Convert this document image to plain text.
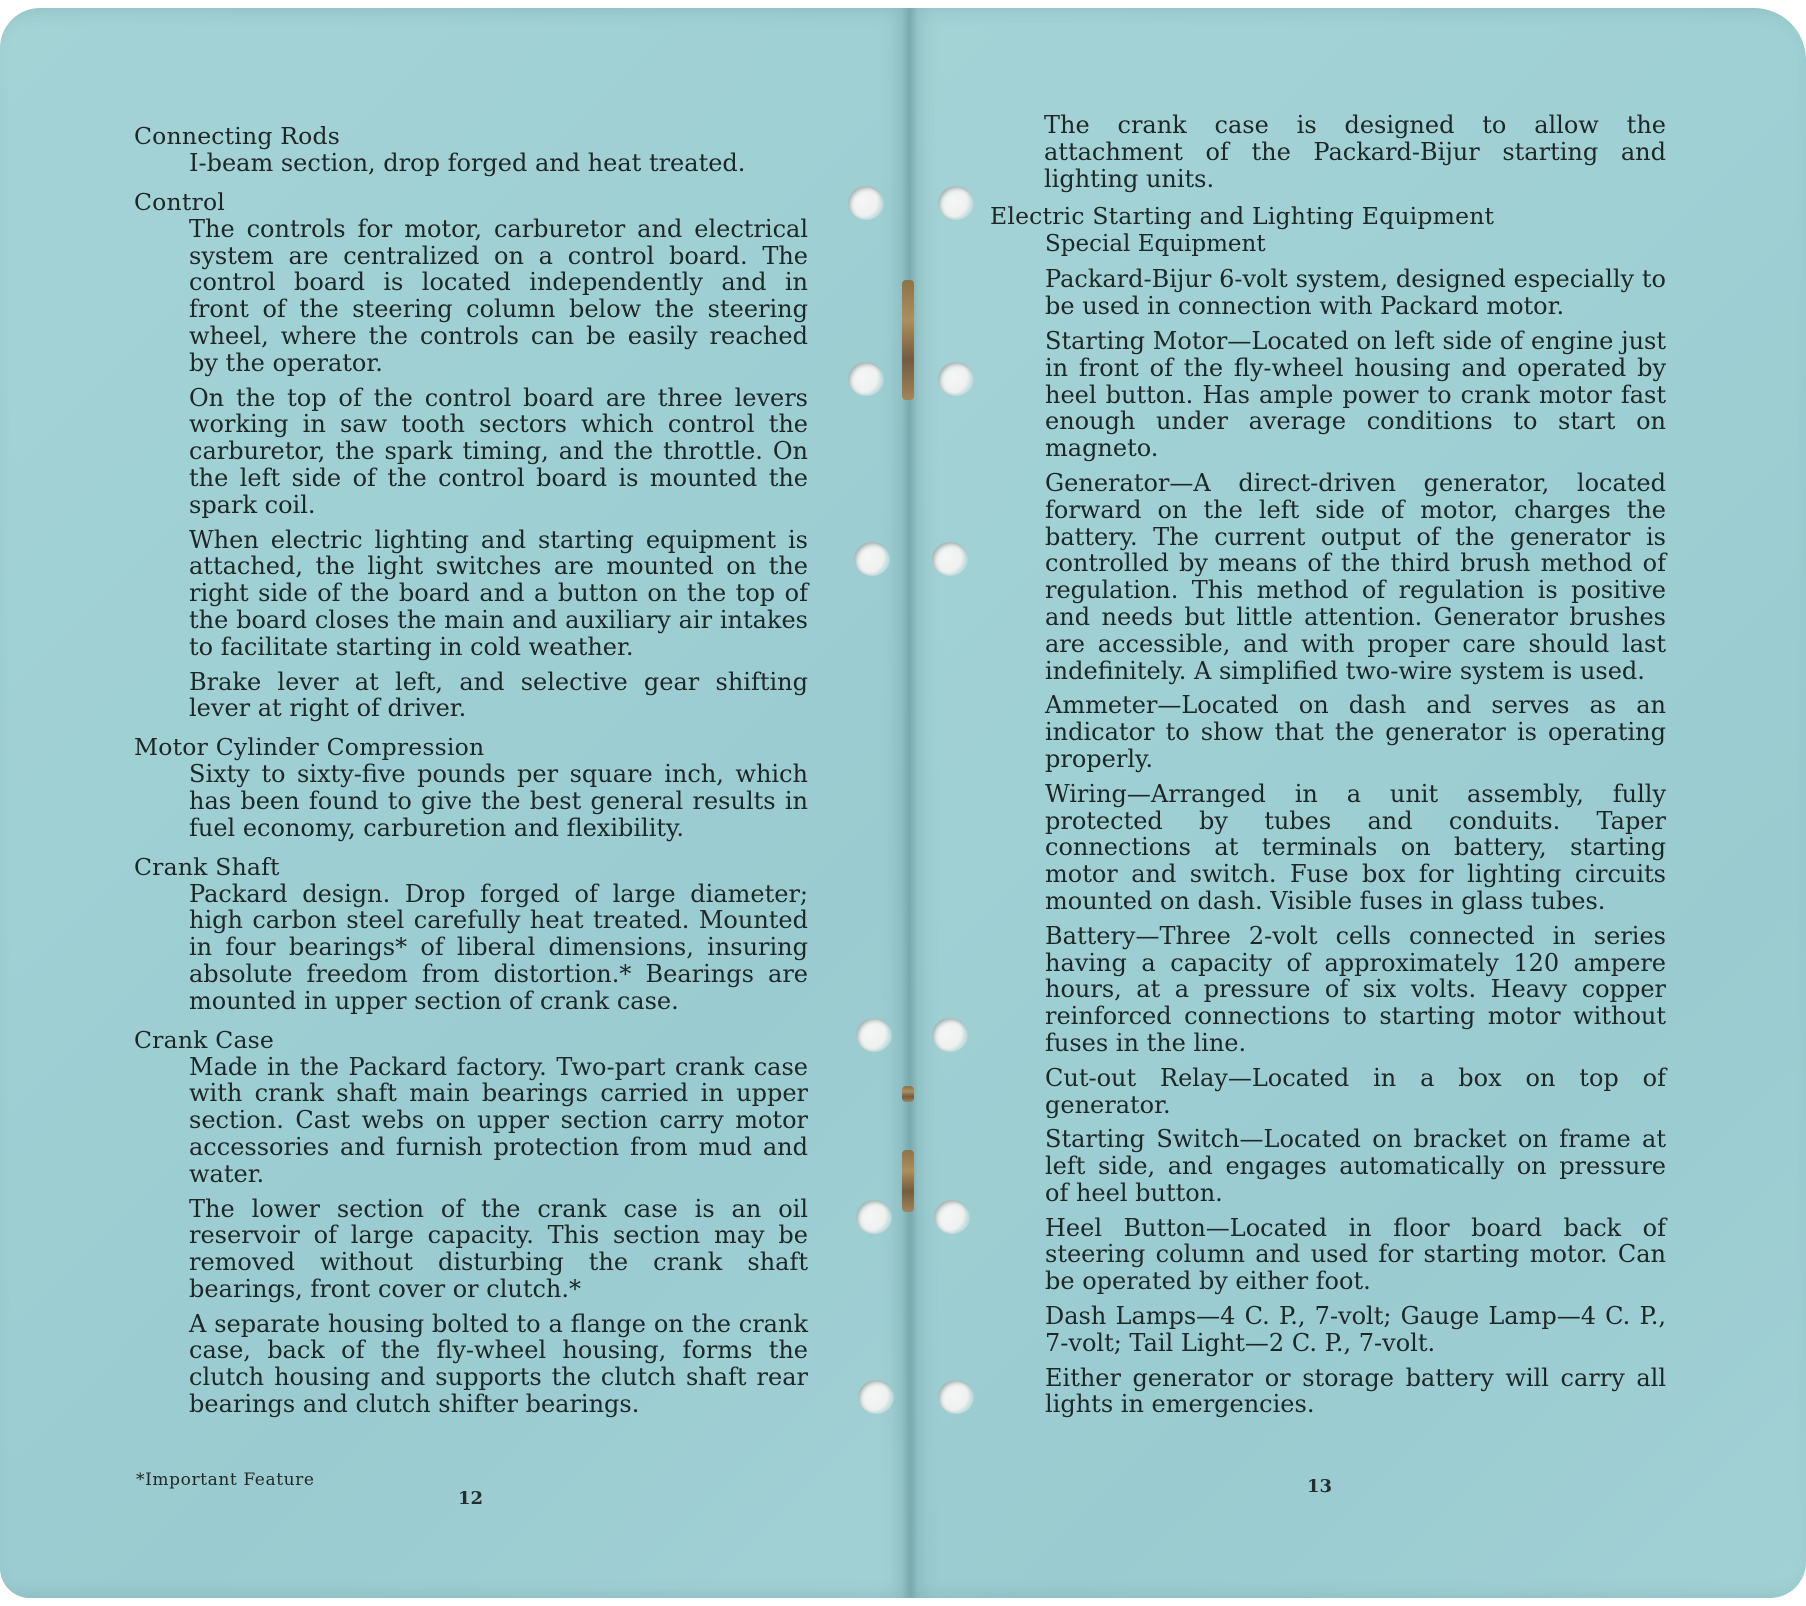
Connecting Rods

I-beam section, drop forged and heat treated.

Control

The controls for motor, carburetor and electrical system are centralized on a control board. The control board is located independently and in front of the steering column below the steering wheel, where the controls can be easily reached by the operator.

On the top of the control board are three levers working in saw tooth sectors which control the carburetor, the spark timing, and the throttle. On the left side of the control board is mounted the spark coil.

When electric lighting and starting equipment is attached, the light switches are mounted on the right side of the board and a button on the top of the board closes the main and auxiliary air intakes to facilitate starting in cold weather.

Brake lever at left, and selective gear shifting lever at right of driver.

Motor Cylinder Compression

Sixty to sixty-five pounds per square inch, which has been found to give the best general results in fuel economy, carburetion and flexibility.

Crank Shaft

Packard design. Drop forged of large diameter; high carbon steel carefully heat treated. Mounted in four bearings* of liberal dimensions, insuring absolute freedom from distortion.* Bearings are mounted in upper section of crank case.

Crank Case

Made in the Packard factory. Two-part crank case with crank shaft main bearings carried in upper section. Cast webs on upper section carry motor accessories and furnish protection from mud and water.

The lower section of the crank case is an oil reservoir of large capacity. This section may be removed without disturbing the crank shaft bearings, front cover or clutch.*

A separate housing bolted to a flange on the crank case, back of the fly-wheel housing, forms the clutch housing and supports the clutch shaft rear bearings and clutch shifter bearings.

*Important Feature
12

The crank case is designed to allow the attachment of the Packard-Bijur starting and lighting units.

Electric Starting and Lighting Equipment
Special Equipment

Packard-Bijur 6-volt system, designed especially to be used in connection with Packard motor.

Starting Motor—Located on left side of engine just in front of the fly-wheel housing and operated by heel button. Has ample power to crank motor fast enough under average conditions to start on magneto.

Generator—A direct-driven generator, located forward on the left side of motor, charges the battery. The current output of the generator is controlled by means of the third brush method of regulation. This method of regulation is positive and needs but little attention. Generator brushes are accessible, and with proper care should last indefinitely. A simplified two-wire system is used.

Ammeter—Located on dash and serves as an indicator to show that the generator is operating properly.

Wiring—Arranged in a unit assembly, fully protected by tubes and conduits. Taper connections at terminals on battery, starting motor and switch. Fuse box for lighting circuits mounted on dash. Visible fuses in glass tubes.

Battery—Three 2-volt cells connected in series having a capacity of approximately 120 ampere hours, at a pressure of six volts. Heavy copper reinforced connections to starting motor without fuses in the line.

Cut-out Relay—Located in a box on top of generator.

Starting Switch—Located on bracket on frame at left side, and engages automatically on pressure of heel button.

Heel Button—Located in floor board back of steering column and used for starting motor. Can be operated by either foot.

Dash Lamps—4 C. P., 7-volt; Gauge Lamp—4 C. P., 7-volt; Tail Light—2 C. P., 7-volt.

Either generator or storage battery will carry all lights in emergencies.

13
